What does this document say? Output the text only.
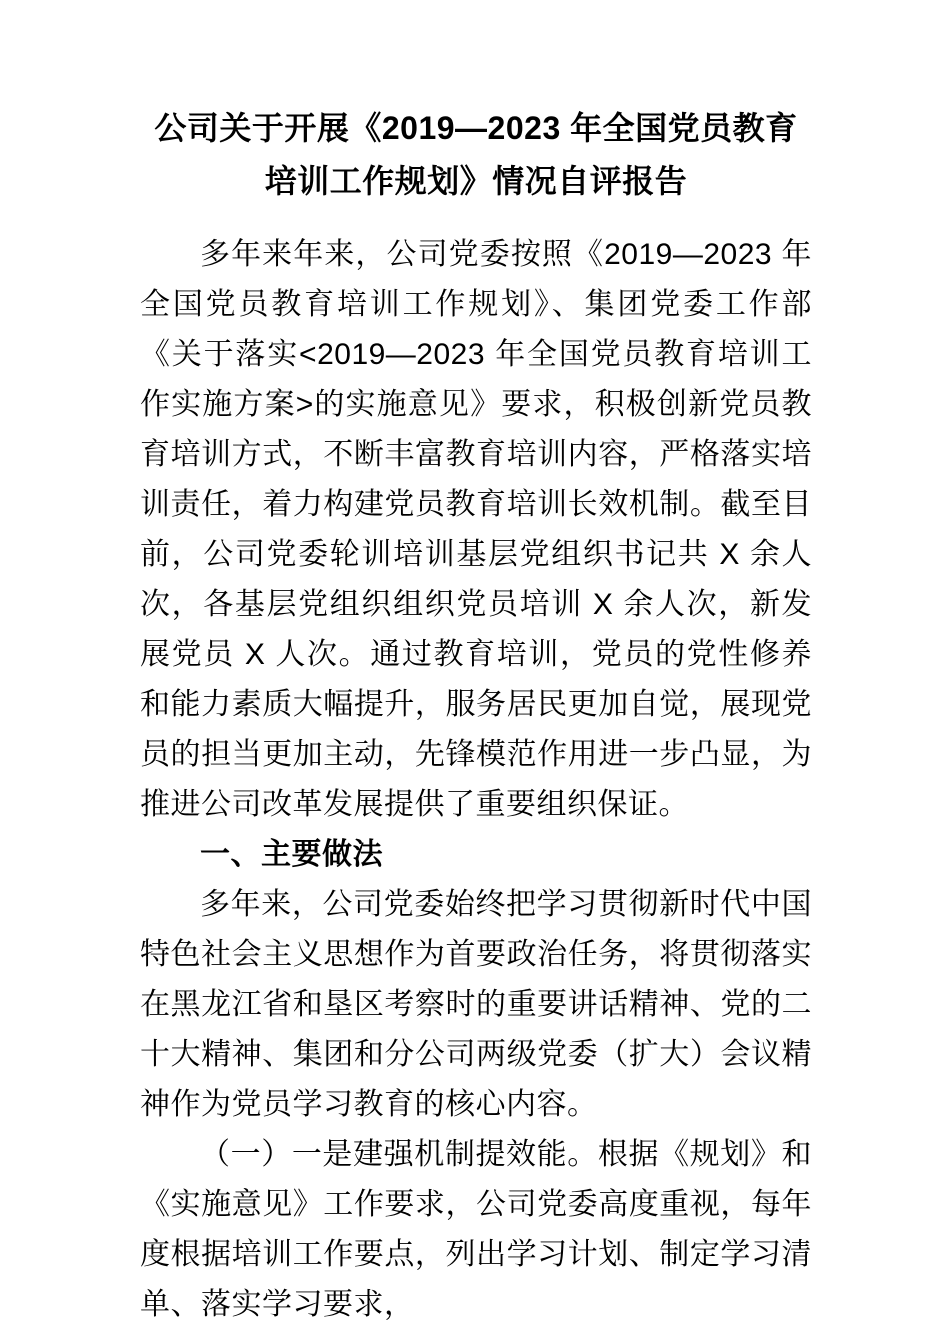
公司关于开展《2019—2023 年全国党员教育培训工作规划》情况自评报告

多年来年来，公司党委按照《2019—2023 年全国党员教育培训工作规划》、集团党委工作部《关于落实<2019—2023 年全国党员教育培训工作实施方案>的实施意见》要求，积极创新党员教育培训方式，不断丰富教育培训内容，严格落实培训责任，着力构建党员教育培训长效机制。截至目前，公司党委轮训培训基层党组织书记共 X 余人次，各基层党组织组织党员培训 X 余人次，新发展党员 X 人次。通过教育培训，党员的党性修养和能力素质大幅提升，服务居民更加自觉，展现党员的担当更加主动，先锋模范作用进一步凸显，为推进公司改革发展提供了重要组织保证。

一、主要做法

多年来，公司党委始终把学习贯彻新时代中国特色社会主义思想作为首要政治任务，将贯彻落实在黑龙江省和垦区考察时的重要讲话精神、党的二十大精神、集团和分公司两级党委（扩大）会议精神作为党员学习教育的核心内容。

（一）一是建强机制提效能。根据《规划》和《实施意见》工作要求，公司党委高度重视，每年度根据培训工作要点，列出学习计划、制定学习清单、落实学习要求，
